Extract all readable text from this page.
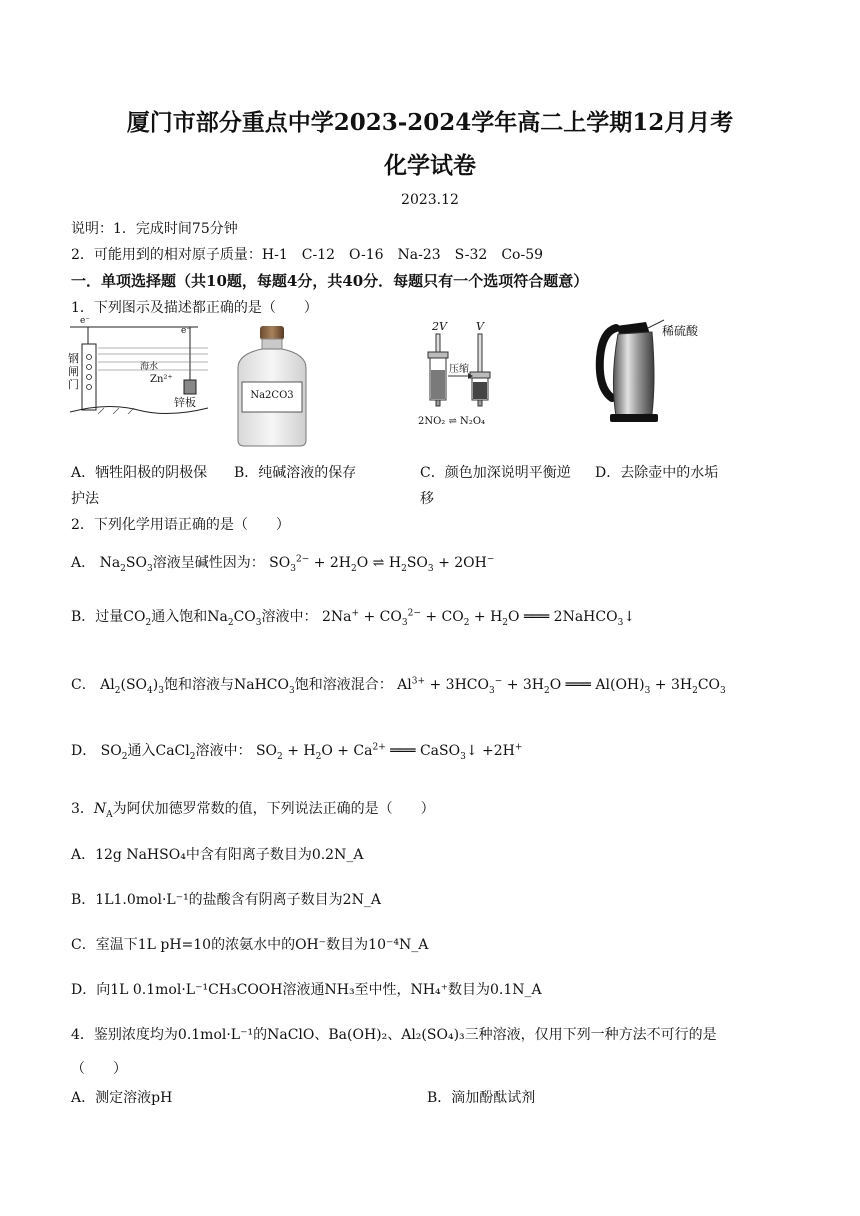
厦门市部分重点中学2023-2024学年高二上学期12月月考
化学试卷
2023.12
说明：1．完成时间75分钟
2．可能用到的相对原子质量：H-1　C-12　O-16　Na-23　S-32　Co-59
一．单项选择题（共10题，每题4分，共40分．每题只有一个选项符合题意）
1．下列图示及描述都正确的是（　　）
钢
闸
门
e⁻
e⁻
海水
Zn²⁺
锌板
Na2CO3
2V	V
压缩
2NO₂ ⇌ N₂O₄
稀硫酸
A．牺牲阳极的阴极保
护法
B．纯碱溶液的保存	C．颜色加深说明平衡逆
移
D．去除壶中的水垢
2．下列化学用语正确的是（　　）
A． $Na_2SO_3$溶液呈碱性因为： $SO_3^{2-} + 2H_2O$ ⇌ $H_2SO_3 + 2OH^-$
B．过量$CO_2$通入饱和$Na_2CO_3$溶液中： $2Na^+ + CO_3^{2-} + CO_2 + H_2O$ ═══ 2NaHCO$_3$↓
C． $Al_2(SO_4)_3$饱和溶液与NaHCO$_3$饱和溶液混合： $Al^{3+} + 3HCO_3^- + 3H_2O$ ═══ $Al(OH)_3 + 3H_2CO_3$
D． $SO_2$通入CaCl$_2$溶液中： $SO_2 + H_2O + Ca^{2+}$ ═══ CaSO$_3$↓ +2H+
3．$N_A$为阿伏加德罗常数的值，下列说法正确的是（　　）
A．12g NaHSO₄中含有阳离子数目为0.2N_A
B．1L1.0mol·L⁻¹的盐酸含有阴离子数目为2N_A
C．室温下1L pH=10的浓氨水中的OH⁻数目为10⁻⁴N_A
D．向1L 0.1mol·L⁻¹CH₃COOH溶液通NH₃至中性，NH₄⁺数目为0.1N_A
4．鉴别浓度均为0.1mol·L⁻¹的NaClO、Ba(OH)₂、Al₂(SO₄)₃三种溶液，仅用下列一种方法不可行的是
（　　）
A．测定溶液pH	B．滴加酚酞试剂
